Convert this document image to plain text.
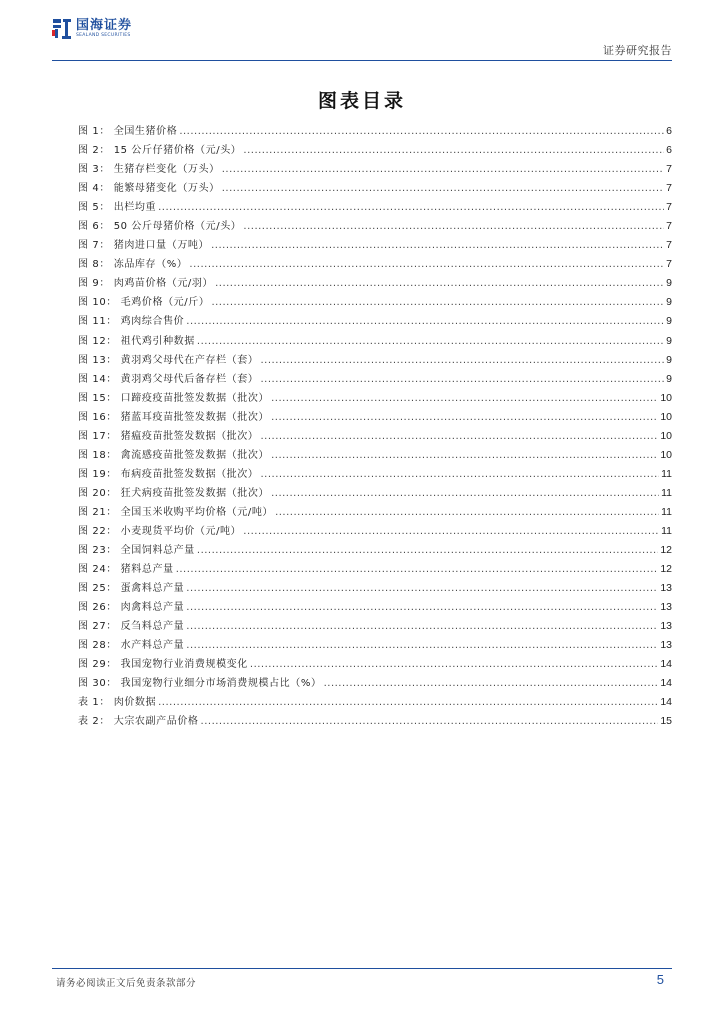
国海证券
SEALAND SECURITIES
证券研究报告
图表目录
图 1： 全国生猪价格 .....	6
图 2： 15 公斤仔猪价格（元/头） .....	6
图 3： 生猪存栏变化（万头） .....	7
图 4： 能繁母猪变化（万头） .....	7
图 5： 出栏均重 .....	7
图 6： 50 公斤母猪价格（元/头） .....	7
图 7： 猪肉进口量（万吨） .....	7
图 8： 冻品库存（%） .....	7
图 9： 肉鸡苗价格（元/羽） .....	9
图 10： 毛鸡价格（元/斤） .....	9
图 11： 鸡肉综合售价 .....	9
图 12： 祖代鸡引种数据 .....	9
图 13： 黄羽鸡父母代在产存栏（套） .....	9
图 14： 黄羽鸡父母代后备存栏（套） .....	9
图 15： 口蹄疫疫苗批签发数据（批次） .....	10
图 16： 猪蓝耳疫苗批签发数据（批次） .....	10
图 17： 猪瘟疫苗批签发数据（批次） .....	10
图 18： 禽流感疫苗批签发数据（批次） .....	10
图 19： 布病疫苗批签发数据（批次） .....	11
图 20： 狂犬病疫苗批签发数据（批次） .....	11
图 21： 全国玉米收购平均价格（元/吨） .....	11
图 22： 小麦现货平均价（元/吨） .....	11
图 23： 全国饲料总产量 .....	12
图 24： 猪料总产量 .....	12
图 25： 蛋禽料总产量 .....	13
图 26： 肉禽料总产量 .....	13
图 27： 反刍料总产量 .....	13
图 28： 水产料总产量 .....	13
图 29： 我国宠物行业消费规模变化 .....	14
图 30： 我国宠物行业细分市场消费规模占比（%） .....	14
表 1： 肉价数据 .....	14
表 2： 大宗农副产品价格 .....	15
请务必阅读正文后免责条款部分	5
